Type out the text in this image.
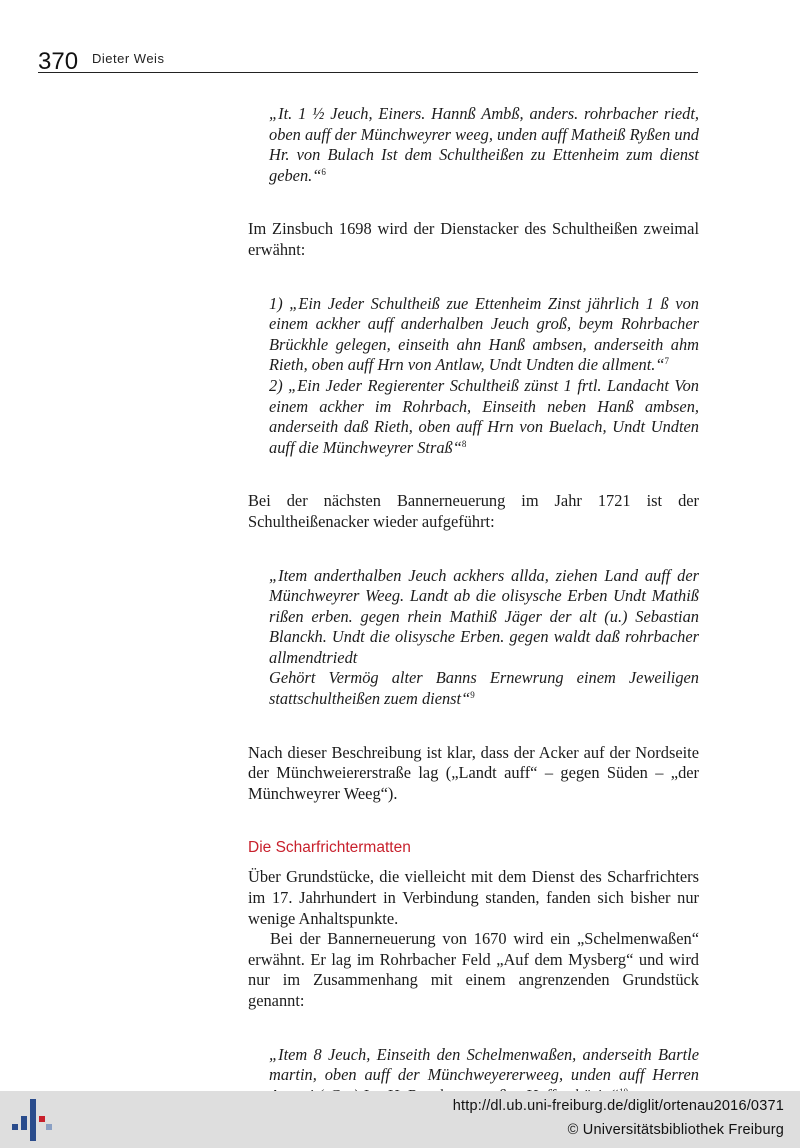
370 Dieter Weis

„It. 1 ½ Jeuch, Einers. Hannß Ambß, anders. rohrbacher riedt, oben auff der Münchweyrer weeg, unden auff Matheiß Ryßen und Hr. von Bulach Ist dem Schultheißen zu Ettenheim zum dienst geben.“$^6$

Im Zinsbuch 1698 wird der Dienstacker des Schultheißen zweimal erwähnt:

1) „Ein Jeder Schultheiß zue Ettenheim Zinst jährlich 1 ß von einem ackher auff anderhalben Jeuch groß, beym Rohrbacher Brückhle gelegen, einseith ahn Hanß ambsen, anderseith ahm Rieth, oben auff Hrn von Antlaw, Undt Undten die allment.“$^7$

2) „Ein Jeder Regierenter Schultheiß zünst 1 frtl. Landacht Von einem ackher im Rohrbach, Einseith neben Hanß ambsen, anderseith daß Rieth, oben auff Hrn von Buelach, Undt Undten auff die Münchweyrer Straß“$^8$

Bei der nächsten Bannerneuerung im Jahr 1721 ist der Schultheißenacker wieder aufgeführt:

„Item anderthalben Jeuch ackhers allda, ziehen Land auff der Münchweyrer Weeg. Landt ab die olisysche Erben Undt Mathiß rißen erben. gegen rhein Mathiß Jäger der alt (u.) Sebastian Blanckh. Undt die olisysche Erben. gegen waldt daß rohrbacher allmendtriedt

Gehört Vermög alter Banns Ernewrung einem Jeweiligen stattschultheißen zuem dienst“$^9$

Nach dieser Beschreibung ist klar, dass der Acker auf der Nordseite der Münchweiererstraße lag („Landt auff“ – gegen Süden – „der Münchweyrer Weeg“).

Die Scharfrichtermatten

Über Grundstücke, die vielleicht mit dem Dienst des Scharfrichters im 17. Jahrhundert in Verbindung standen, fanden sich bisher nur wenige Anhaltspunkte.

Bei der Bannerneuerung von 1670 wird ein „Schelmenwaßen“ erwähnt. Er lag im Rohrbacher Feld „Auf dem Mysberg“ und wird nur im Zusammenhang mit einem angrenzenden Grundstück genannt:

„Item 8 Jeuch, Einseith den Schelmenwaßen, anderseith Bartle martin, oben auff der Münchweyererweeg, unden auff Herren

http://dl.ub.uni-freiburg.de/diglit/ortenau2016/0371
© Universitätsbibliothek Freiburg
